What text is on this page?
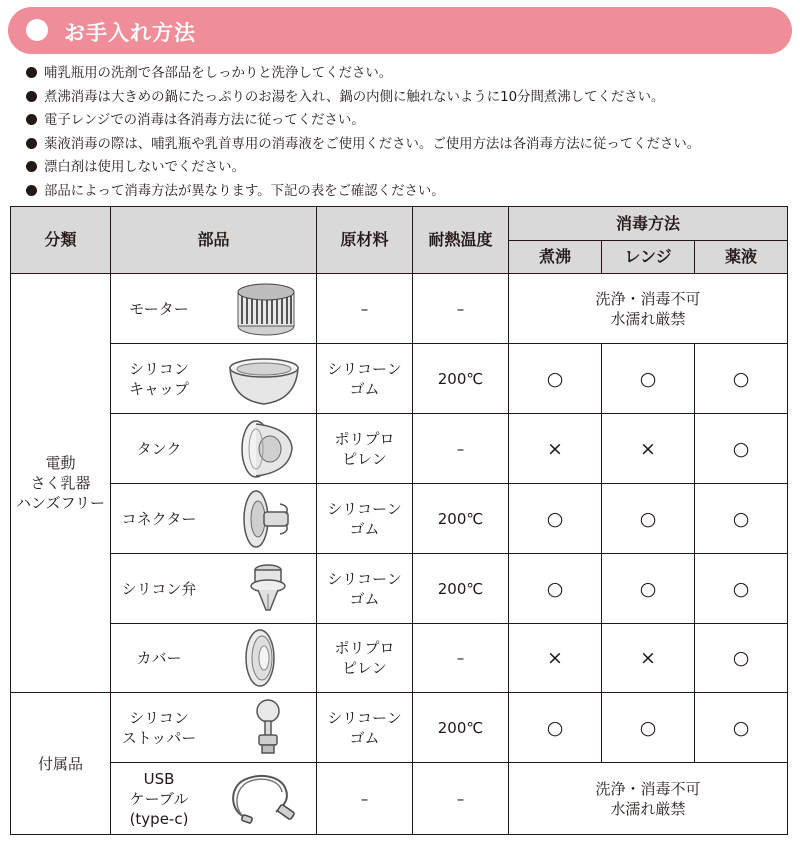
お手入れ方法
哺乳瓶用の洗剤で各部品をしっかりと洗浄してください。
煮沸消毒は大きめの鍋にたっぷりのお湯を入れ、鍋の内側に触れないように10分間煮沸してください。
電子レンジでの消毒は各消毒方法に従ってください。
薬液消毒の際は、哺乳瓶や乳首専用の消毒液をご使用ください。ご使用方法は各消毒方法に従ってください。
漂白剤は使用しないでください。
部品によって消毒方法が異なります。下記の表をご確認ください。
分類	部品	原材料	耐熱温度	消毒方法		
				煮沸	レンジ	薬液

電動
さく乳器
ハンズフリー	モーター	–	–	洗浄・消毒不可
水濡れ厳禁		

	シリコン
キャップ	シリコーン
ゴム	200℃	○	○	○

	タンク	ポリプロ
ピレン	–	×	×	○

	コネクター	シリコーン
ゴム	200℃	○	○	○

	シリコン弁	シリコーン
ゴム	200℃	○	○	○

	カバー	ポリプロ
ピレン	–	×	×	○

付属品	シリコン
ストッパー	シリコーン
ゴム	200℃	○	○	○

	USB
ケーブル
(type-c)	–	–	洗浄・消毒不可
水濡れ厳禁		
